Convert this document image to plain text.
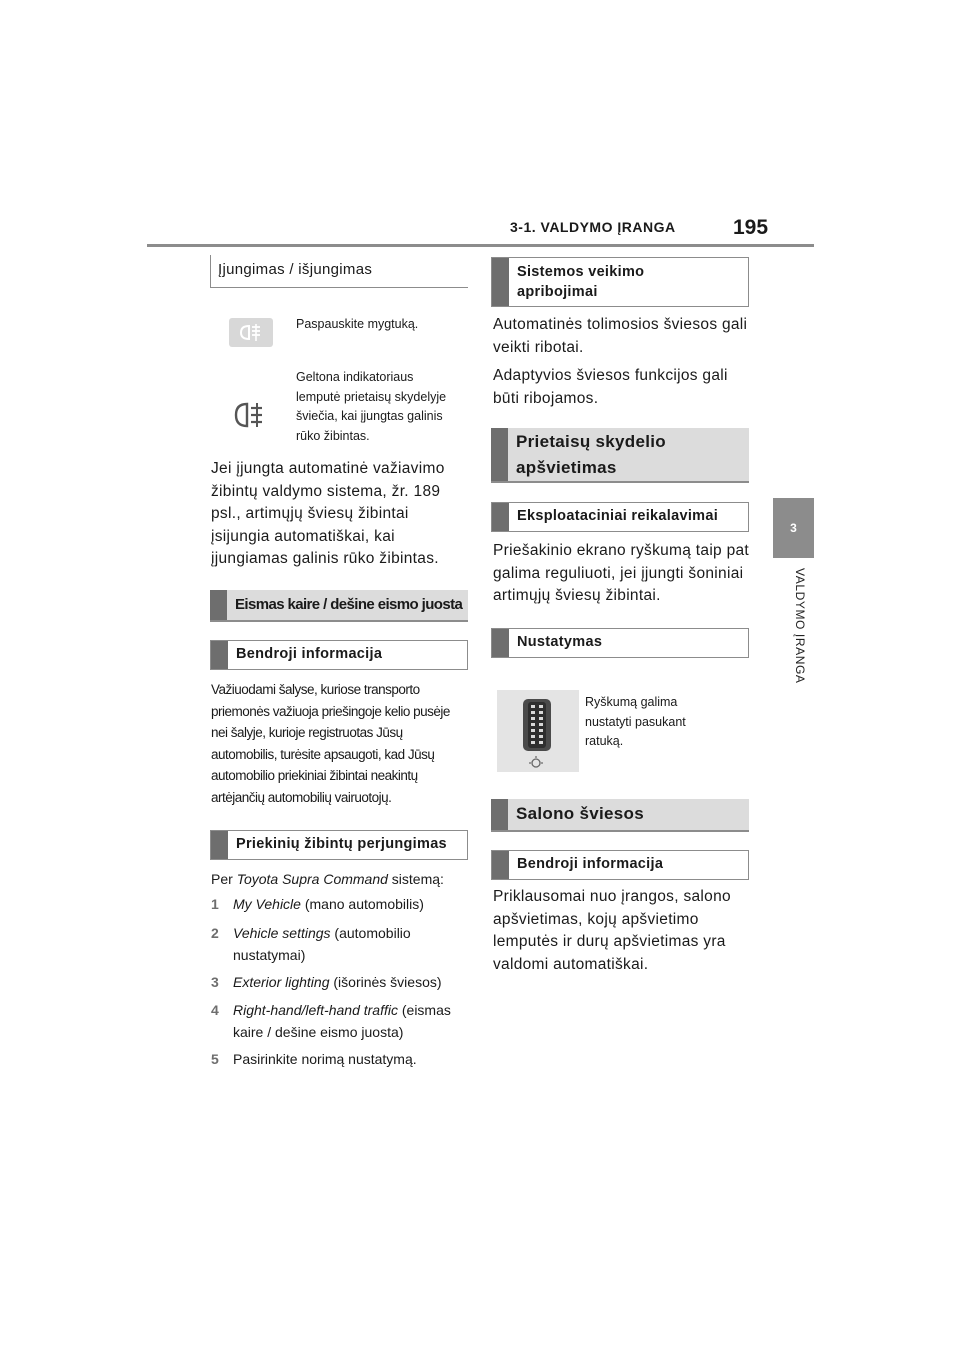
3-1. VALDYMO ĮRANGA	195
3
VALDYMO ĮRANGA
Įjungimas / išjungimas
Paspauskite mygtuką.
Geltona indikatoriaus
lemputė prietaisų skydelyje
šviečia, kai įjungtas galinis
rūko žibintas.
Jei įjungta automatinė važiavimo
žibintų valdymo sistema, žr. 189
psl., artimųjų šviesų žibintai
įsijungia automatiškai, kai
įjungiamas galinis rūko žibintas.
Eismas kaire / dešine eismo juosta
Bendroji informacija
Važiuodami šalyse, kuriose transporto
priemonės važiuoja priešingoje kelio pusėje
nei šalyje, kurioje registruotas Jūsų
automobilis, turėsite apsaugoti, kad Jūsų
automobilio priekiniai žibintai neakintų
artėjančių automobilių vairuotojų.
Priekinių žibintų perjungimas
Per Toyota Supra Command sistemą:
1 My Vehicle (mano automobilis)
2 Vehicle settings (automobilio
nustatymai)
3 Exterior lighting (išorinės šviesos)
4 Right-hand/left-hand traffic (eismas
kaire / dešine eismo juosta)
5 Pasirinkite norimą nustatymą.
Sistemos veikimo apribojimai
Automatinės tolimosios šviesos gali
veikti ribotai.
Adaptyvios šviesos funkcijos gali
būti ribojamos.
Prietaisų skydelio
apšvietimas
Eksploataciniai reikalavimai
Priešakinio ekrano ryškumą taip pat
galima reguliuoti, jei įjungti šoniniai
artimųjų šviesų žibintai.
Nustatymas
Ryškumą galima
nustatyti pasukant
ratuką.
Salono šviesos
Bendroji informacija
Priklausomai nuo įrangos, salono
apšvietimas, kojų apšvietimo
lemputės ir durų apšvietimas yra
valdomi automatiškai.
